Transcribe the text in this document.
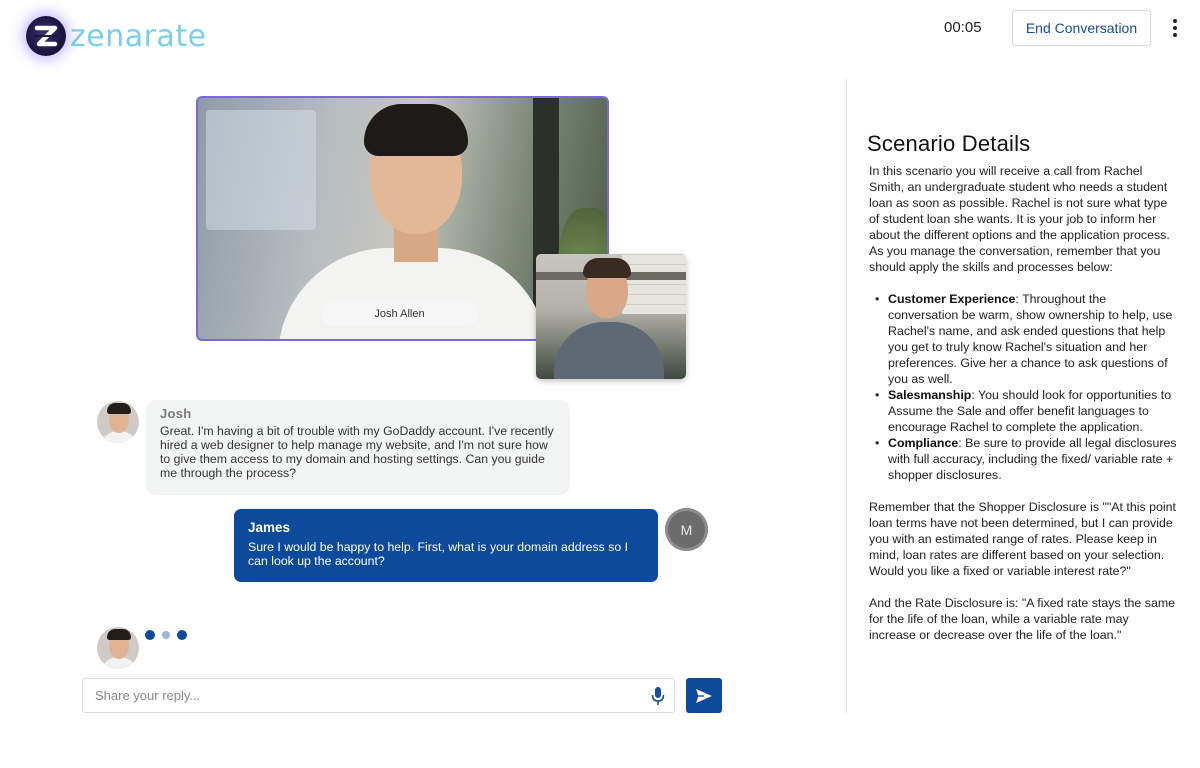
zenarate	00:05	End Conversation
Josh Allen
Josh
Great. I'm having a bit of trouble with my GoDaddy account. I've recently hired a web designer to help manage my website, and I'm not sure how to give them access to my domain and hosting settings. Can you guide me through the process?
James
Sure I would be happy to help. First, what is your domain address so I can look up the account?
M
Share your reply...
Scenario Details

In this scenario you will receive a call from Rachel Smith, an undergraduate student who needs a student loan as soon as possible. Rachel is not sure what type of student loan she wants. It is your job to inform her about the different options and the application process. As you manage the conversation, remember that you should apply the skills and processes below:

• Customer Experience: Throughout the conversation be warm, show ownership to help, use Rachel's name, and ask ended questions that help you get to truly know Rachel's situation and her preferences. Give her a chance to ask questions of you as well.
• Salesmanship: You should look for opportunities to Assume the Sale and offer benefit languages to encourage Rachel to complete the application.
• Compliance: Be sure to provide all legal disclosures with full accuracy, including the fixed/ variable rate + shopper disclosures.

Remember that the Shopper Disclosure is ""At this point loan terms have not been determined, but I can provide you with an estimated range of rates. Please keep in mind, loan rates are different based on your selection. Would you like a fixed or variable interest rate?"

And the Rate Disclosure is: "A fixed rate stays the same for the life of the loan, while a variable rate may increase or decrease over the life of the loan."
